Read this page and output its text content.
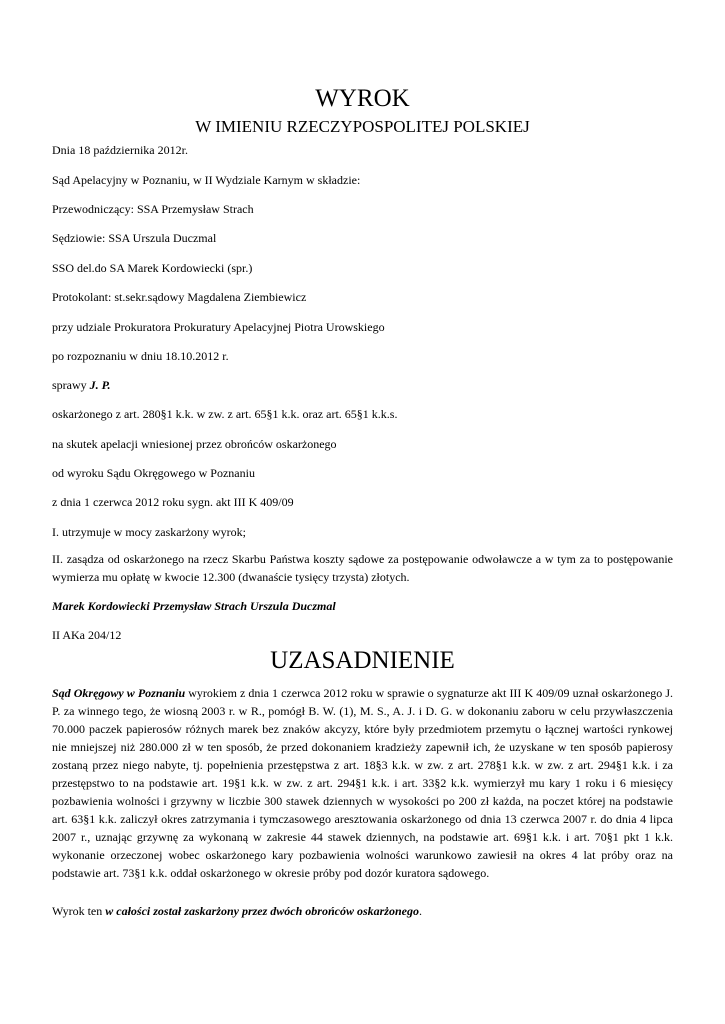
WYROK
W IMIENIU RZECZYPOSPOLITEJ POLSKIEJ

Dnia 18 października 2012r.

Sąd Apelacyjny w Poznaniu, w II Wydziale Karnym w składzie:

Przewodniczący: SSA Przemysław Strach

Sędziowie: SSA Urszula Duczmal

SSO del.do SA Marek Kordowiecki (spr.)

Protokolant: st.sekr.sądowy Magdalena Ziembiewicz

przy udziale Prokuratora Prokuratury Apelacyjnej Piotra Urowskiego

po rozpoznaniu w dniu 18.10.2012 r.

sprawy J. P.

oskarżonego z art. 280§1 k.k. w zw. z art. 65§1 k.k. oraz art. 65§1 k.k.s.

na skutek apelacji wniesionej przez obrońców oskarżonego

od wyroku Sądu Okręgowego w Poznaniu

z dnia 1 czerwca 2012 roku sygn. akt III K 409/09

I. utrzymuje w mocy zaskarżony wyrok;

II. zasądza od oskarżonego na rzecz Skarbu Państwa koszty sądowe za postępowanie odwoławcze a w tym za to postępowanie wymierza mu opłatę w kwocie 12.300 (dwanaście tysięcy trzysta) złotych.

Marek Kordowiecki Przemysław Strach Urszula Duczmal

II AKa 204/12

UZASADNIENIE

Sąd Okręgowy w Poznaniu wyrokiem z dnia 1 czerwca 2012 roku w sprawie o sygnaturze akt III K 409/09 uznał oskarżonego J. P. za winnego tego, że wiosną 2003 r. w R., pomógł B. W. (1), M. S., A. J. i D. G. w dokonaniu zaboru w celu przywłaszczenia 70.000 paczek papierosów różnych marek bez znaków akcyzy, które były przedmiotem przemytu o łącznej wartości rynkowej nie mniejszej niż 280.000 zł w ten sposób, że przed dokonaniem kradzieży zapewnił ich, że uzyskane w ten sposób papierosy zostaną przez niego nabyte, tj. popełnienia przestępstwa z art. 18§3 k.k. w zw. z art. 278§1 k.k. w zw. z art. 294§1 k.k. i za przestępstwo to na podstawie art. 19§1 k.k. w zw. z art. 294§1 k.k. i art. 33§2 k.k. wymierzył mu kary 1 roku i 6 miesięcy pozbawienia wolności i grzywny w liczbie 300 stawek dziennych w wysokości po 200 zł każda, na poczet której na podstawie art. 63§1 k.k. zaliczył okres zatrzymania i tymczasowego aresztowania oskarżonego od dnia 13 czerwca 2007 r. do dnia 4 lipca 2007 r., uznając grzywnę za wykonaną w zakresie 44 stawek dziennych, na podstawie art. 69§1 k.k. i art. 70§1 pkt 1 k.k. wykonanie orzeczonej wobec oskarżonego kary pozbawienia wolności warunkowo zawiesił na okres 4 lat próby oraz na podstawie art. 73§1 k.k. oddał oskarżonego w okresie próby pod dozór kuratora sądowego.

Wyrok ten w całości został zaskarżony przez dwóch obrońców oskarżonego.
